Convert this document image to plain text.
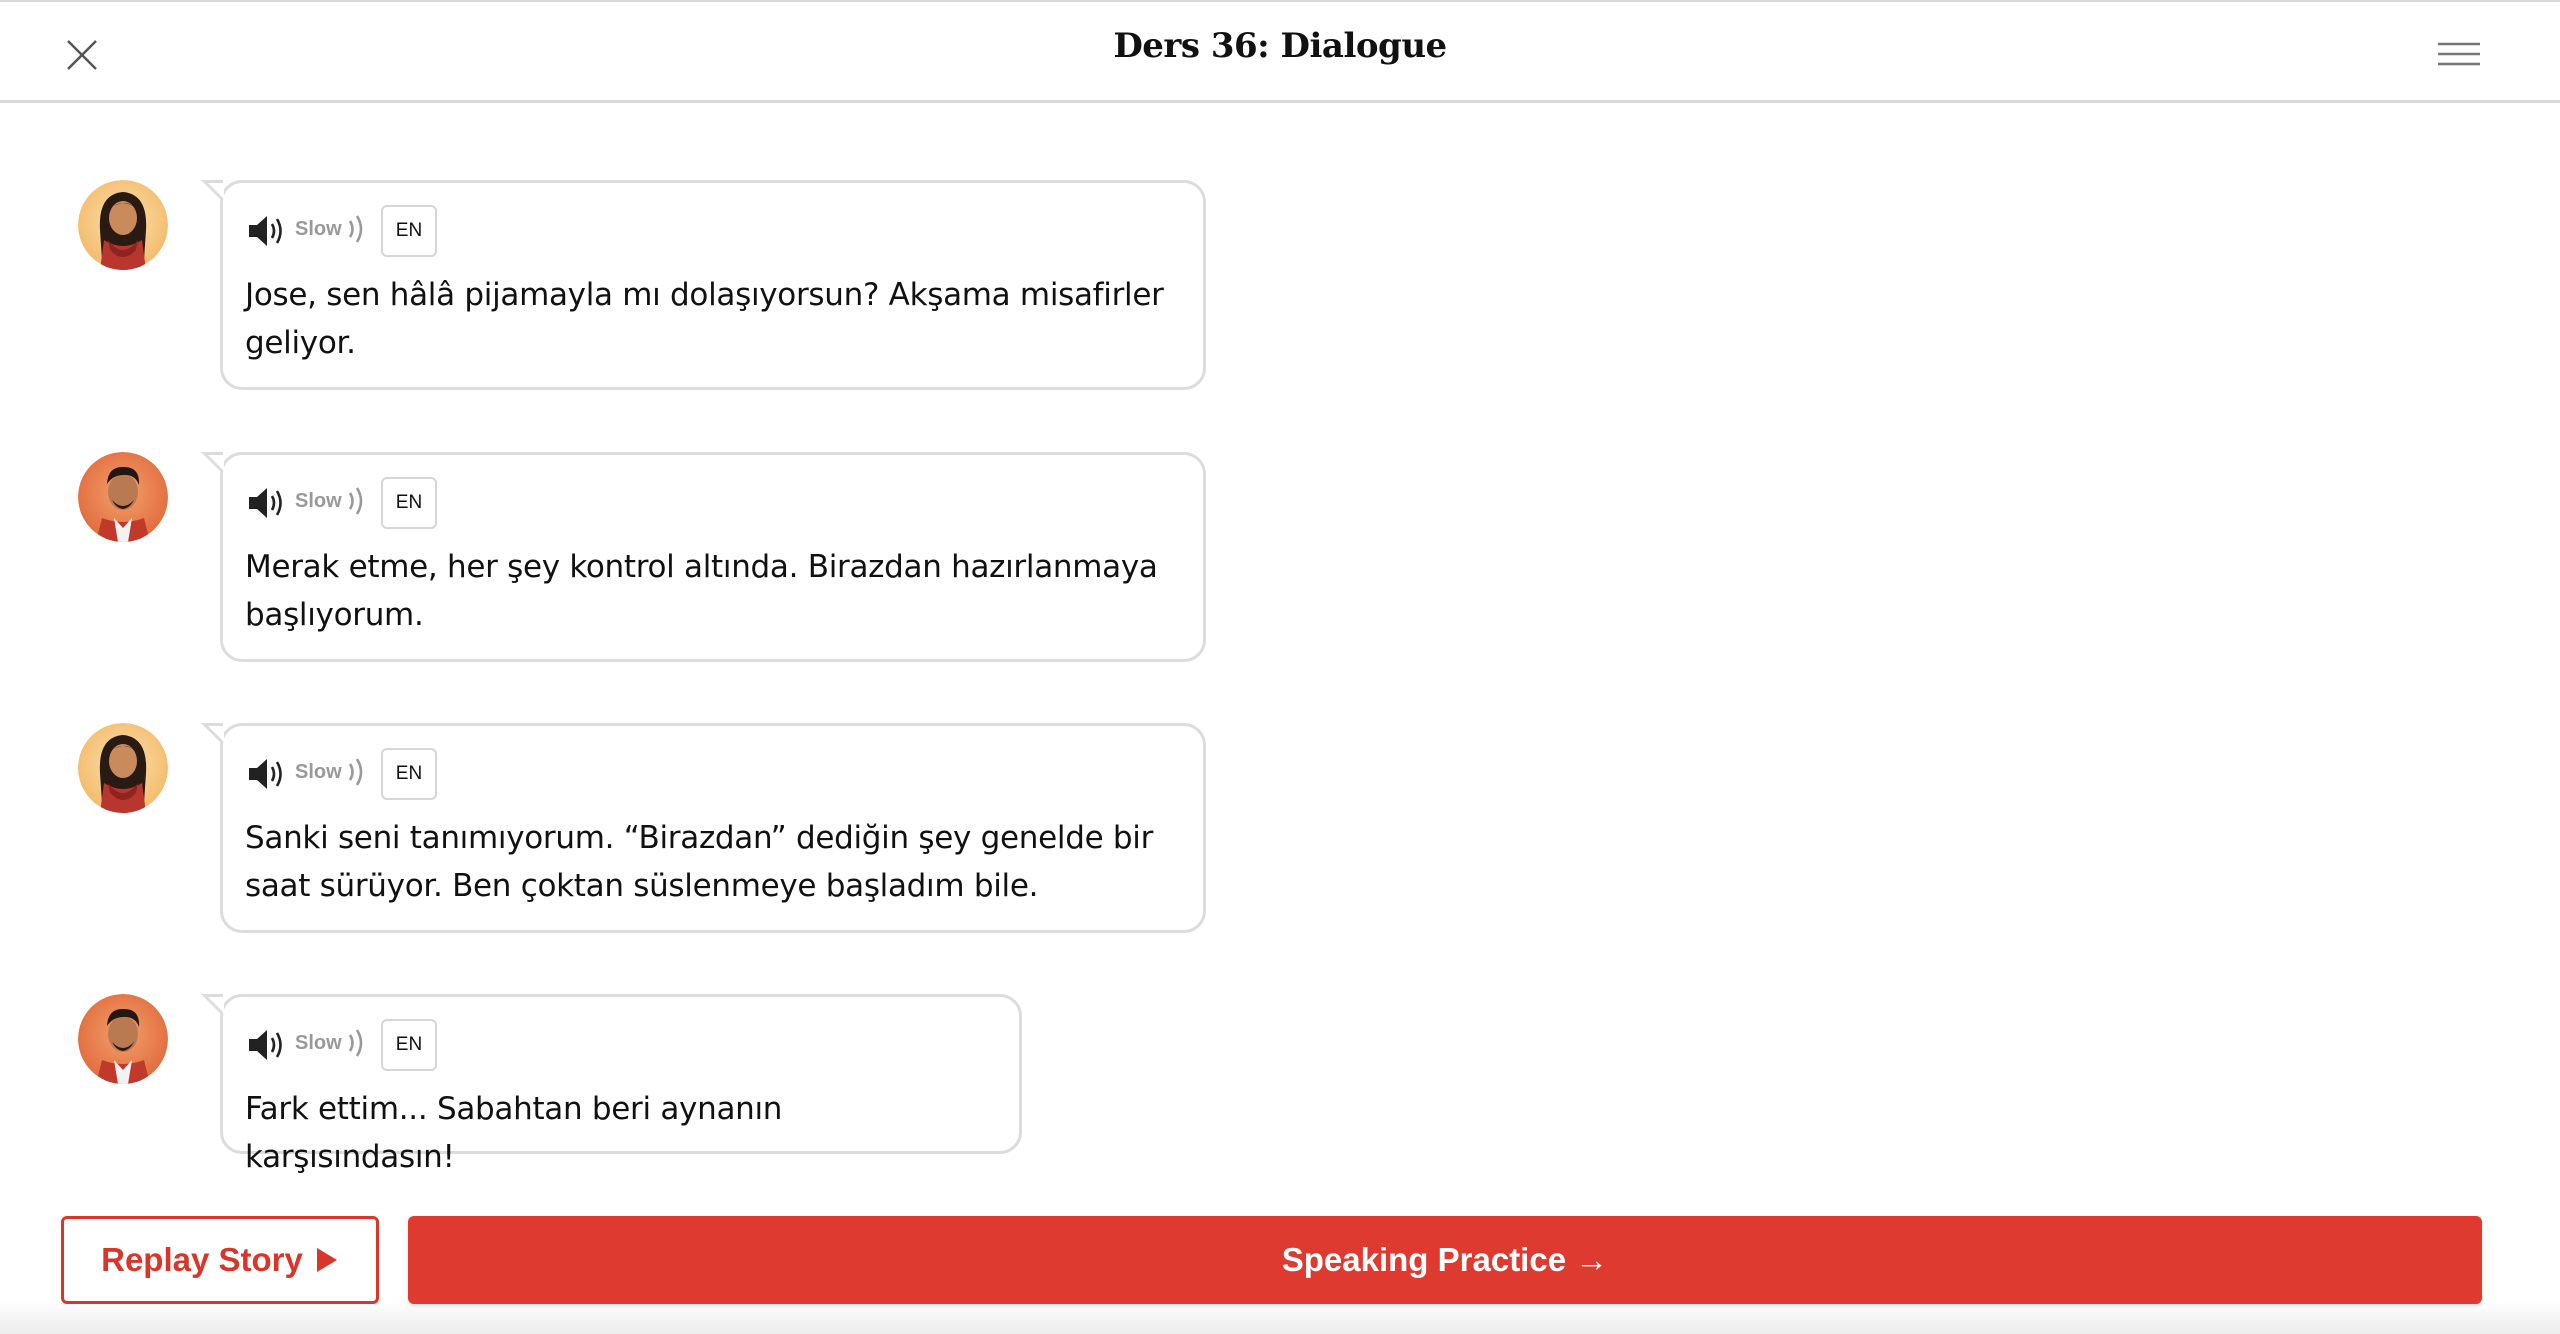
Ders 36: Dialogue
Slow	EN
Jose, sen hâlâ pijamayla mı dolaşıyorsun? Akşama misafirler geliyor.
Slow	EN
Merak etme, her şey kontrol altında. Birazdan hazırlanmaya başlıyorum.
Slow	EN
Sanki seni tanımıyorum. “Birazdan” dediğin şey genelde bir saat sürüyor. Ben çoktan süslenmeye başladım bile.
Slow	EN
Fark ettim... Sabahtan beri aynanın karşısındasın!
Replay Story	Speaking Practice →
